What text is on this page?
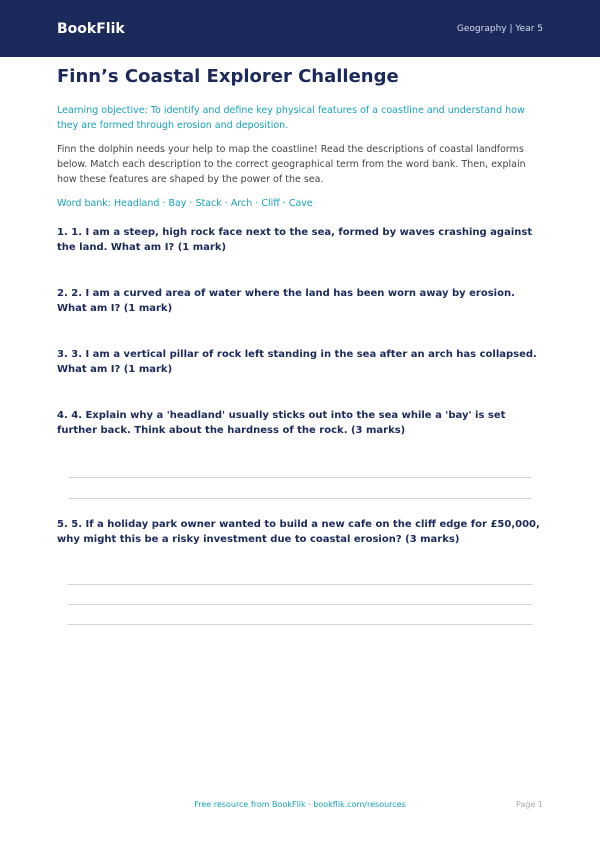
BookFlik	Geography | Year 5
Finn’s Coastal Explorer Challenge
Learning objective: To identify and define key physical features of a coastline and understand how they are formed through erosion and deposition.
Finn the dolphin needs your help to map the coastline! Read the descriptions of coastal landforms below. Match each description to the correct geographical term from the word bank. Then, explain how these features are shaped by the power of the sea.
Word bank: Headland · Bay · Stack · Arch · Cliff · Cave
1. 1. I am a steep, high rock face next to the sea, formed by waves crashing against the land. What am I? (1 mark)
2. 2. I am a curved area of water where the land has been worn away by erosion. What am I? (1 mark)
3. 3. I am a vertical pillar of rock left standing in the sea after an arch has collapsed. What am I? (1 mark)
4. 4. Explain why a 'headland' usually sticks out into the sea while a 'bay' is set further back. Think about the hardness of the rock. (3 marks)
5. 5. If a holiday park owner wanted to build a new cafe on the cliff edge for £50,000, why might this be a risky investment due to coastal erosion? (3 marks)
Free resource from BookFlik · bookflik.com/resources	Page 1
